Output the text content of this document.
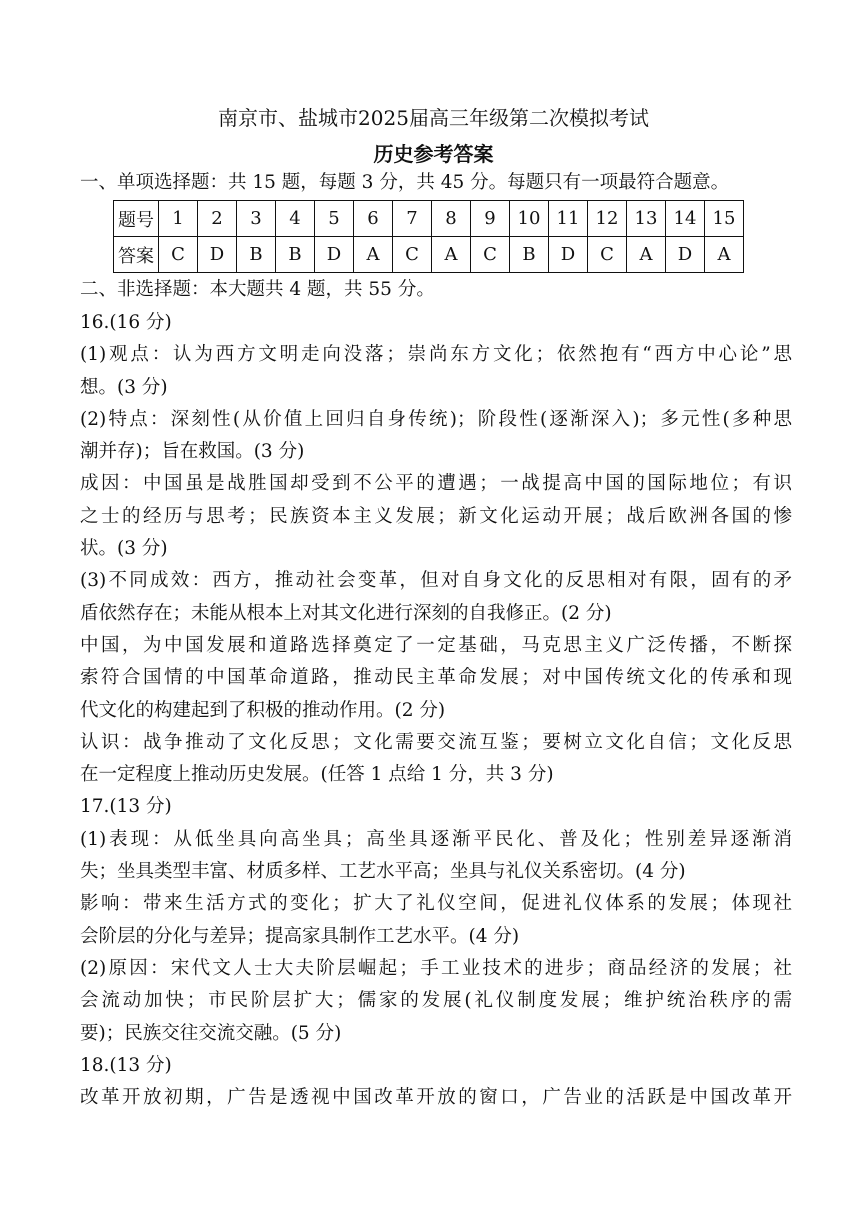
南京市、盐城市2025届高三年级第二次模拟考试
历史参考答案
一、单项选择题：共 15 题，每题 3 分，共 45 分。每题只有一项最符合题意。
题号	1	2	3	4	5	6	7	8	9	10	11	12	13	14	15
答案	C	D	B	B	D	A	C	A	C	B	D	C	A	D	A
二、非选择题：本大题共 4 题，共 55 分。
16.(16 分)
(1)观点：认为西方文明走向没落；崇尚东方文化；依然抱有“西方中心论”思
想。(3 分)
(2)特点：深刻性(从价值上回归自身传统)；阶段性(逐渐深入)；多元性(多种思
潮并存)；旨在救国。(3 分)
成因：中国虽是战胜国却受到不公平的遭遇；一战提高中国的国际地位；有识
之士的经历与思考；民族资本主义发展；新文化运动开展；战后欧洲各国的惨
状。(3 分)
(3)不同成效：西方，推动社会变革，但对自身文化的反思相对有限，固有的矛
盾依然存在；未能从根本上对其文化进行深刻的自我修正。(2 分)
中国，为中国发展和道路选择奠定了一定基础，马克思主义广泛传播，不断探
索符合国情的中国革命道路，推动民主革命发展；对中国传统文化的传承和现
代文化的构建起到了积极的推动作用。(2 分)
认识：战争推动了文化反思；文化需要交流互鉴；要树立文化自信；文化反思
在一定程度上推动历史发展。(任答 1 点给 1 分，共 3 分)
17.(13 分)
(1)表现：从低坐具向高坐具；高坐具逐渐平民化、普及化；性别差异逐渐消
失；坐具类型丰富、材质多样、工艺水平高；坐具与礼仪关系密切。(4 分)
影响：带来生活方式的变化；扩大了礼仪空间，促进礼仪体系的发展；体现社
会阶层的分化与差异；提高家具制作工艺水平。(4 分)
(2)原因：宋代文人士大夫阶层崛起；手工业技术的进步；商品经济的发展；社
会流动加快；市民阶层扩大；儒家的发展(礼仪制度发展；维护统治秩序的需
要)；民族交往交流交融。(5 分)
18.(13 分)
改革开放初期，广告是透视中国改革开放的窗口，广告业的活跃是中国改革开
